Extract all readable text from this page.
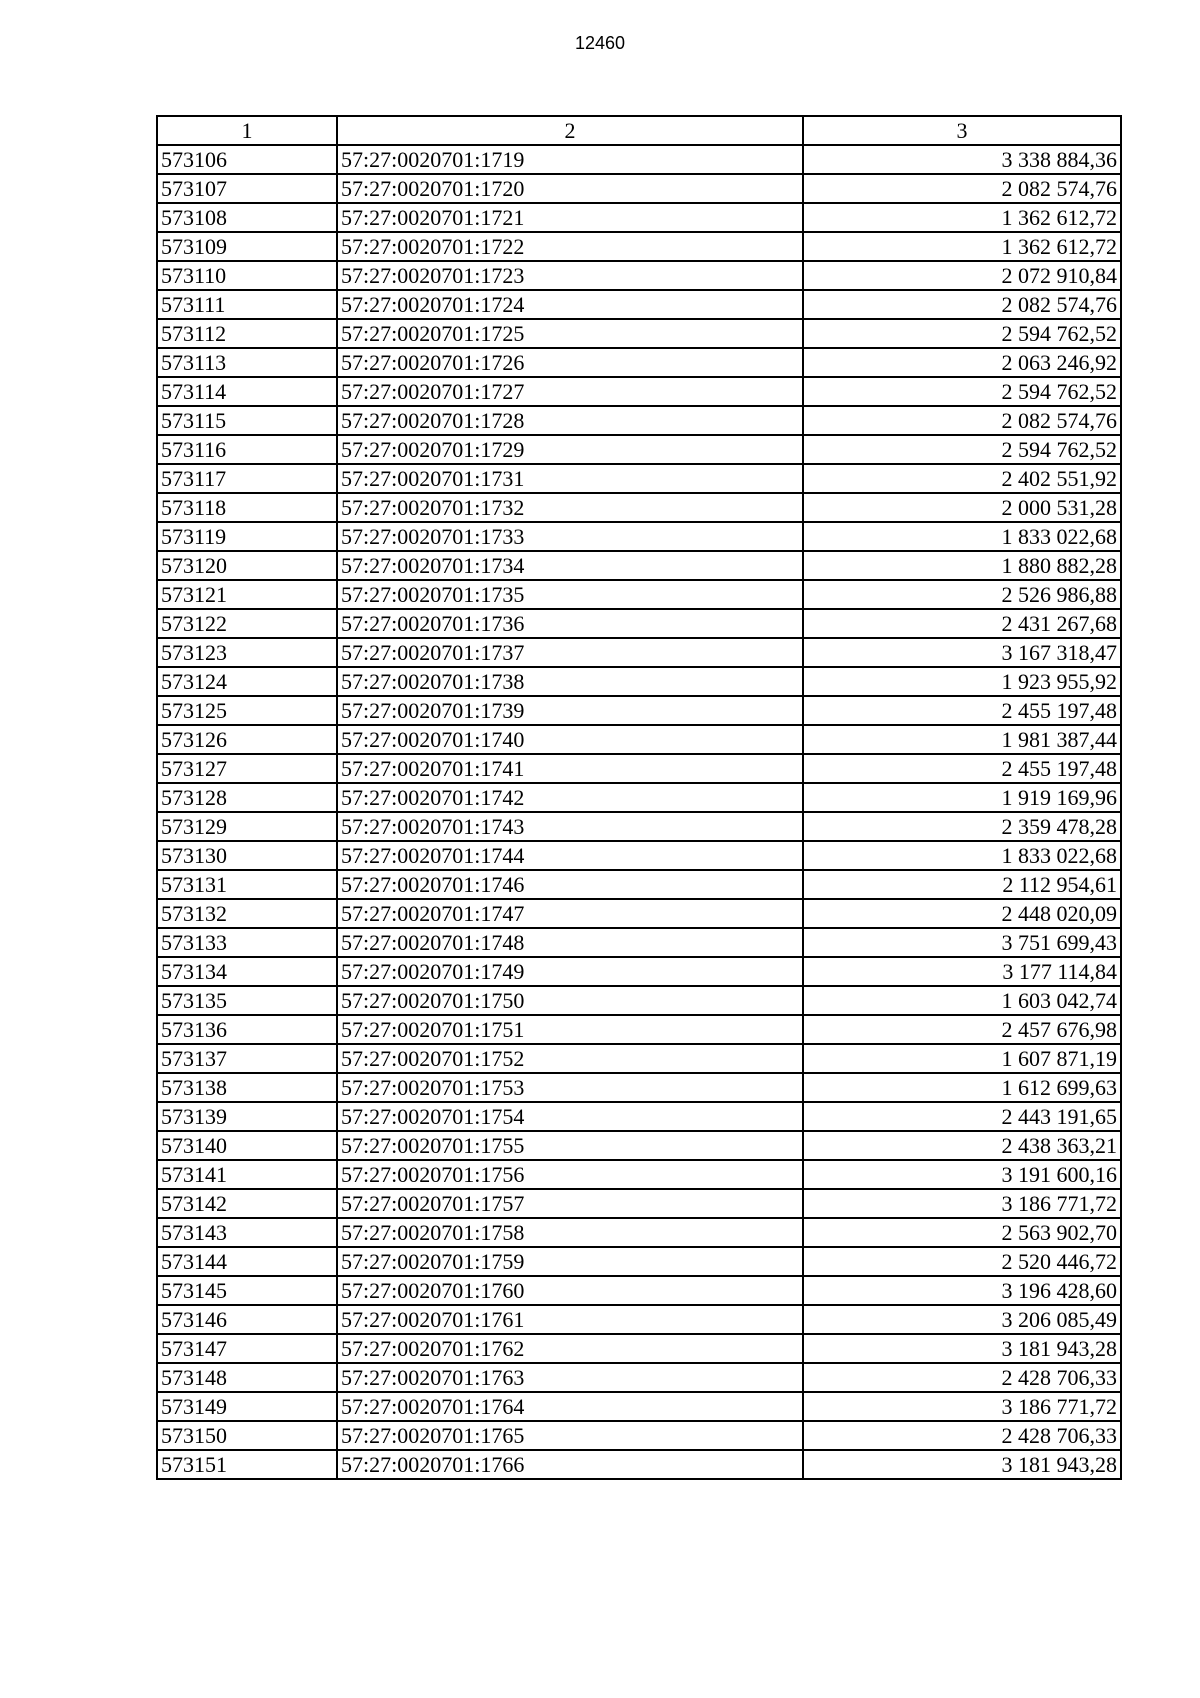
12460
1	2	3
573106	57:27:0020701:1719	3 338 884,36
573107	57:27:0020701:1720	2 082 574,76
573108	57:27:0020701:1721	1 362 612,72
573109	57:27:0020701:1722	1 362 612,72
573110	57:27:0020701:1723	2 072 910,84
573111	57:27:0020701:1724	2 082 574,76
573112	57:27:0020701:1725	2 594 762,52
573113	57:27:0020701:1726	2 063 246,92
573114	57:27:0020701:1727	2 594 762,52
573115	57:27:0020701:1728	2 082 574,76
573116	57:27:0020701:1729	2 594 762,52
573117	57:27:0020701:1731	2 402 551,92
573118	57:27:0020701:1732	2 000 531,28
573119	57:27:0020701:1733	1 833 022,68
573120	57:27:0020701:1734	1 880 882,28
573121	57:27:0020701:1735	2 526 986,88
573122	57:27:0020701:1736	2 431 267,68
573123	57:27:0020701:1737	3 167 318,47
573124	57:27:0020701:1738	1 923 955,92
573125	57:27:0020701:1739	2 455 197,48
573126	57:27:0020701:1740	1 981 387,44
573127	57:27:0020701:1741	2 455 197,48
573128	57:27:0020701:1742	1 919 169,96
573129	57:27:0020701:1743	2 359 478,28
573130	57:27:0020701:1744	1 833 022,68
573131	57:27:0020701:1746	2 112 954,61
573132	57:27:0020701:1747	2 448 020,09
573133	57:27:0020701:1748	3 751 699,43
573134	57:27:0020701:1749	3 177 114,84
573135	57:27:0020701:1750	1 603 042,74
573136	57:27:0020701:1751	2 457 676,98
573137	57:27:0020701:1752	1 607 871,19
573138	57:27:0020701:1753	1 612 699,63
573139	57:27:0020701:1754	2 443 191,65
573140	57:27:0020701:1755	2 438 363,21
573141	57:27:0020701:1756	3 191 600,16
573142	57:27:0020701:1757	3 186 771,72
573143	57:27:0020701:1758	2 563 902,70
573144	57:27:0020701:1759	2 520 446,72
573145	57:27:0020701:1760	3 196 428,60
573146	57:27:0020701:1761	3 206 085,49
573147	57:27:0020701:1762	3 181 943,28
573148	57:27:0020701:1763	2 428 706,33
573149	57:27:0020701:1764	3 186 771,72
573150	57:27:0020701:1765	2 428 706,33
573151	57:27:0020701:1766	3 181 943,28
